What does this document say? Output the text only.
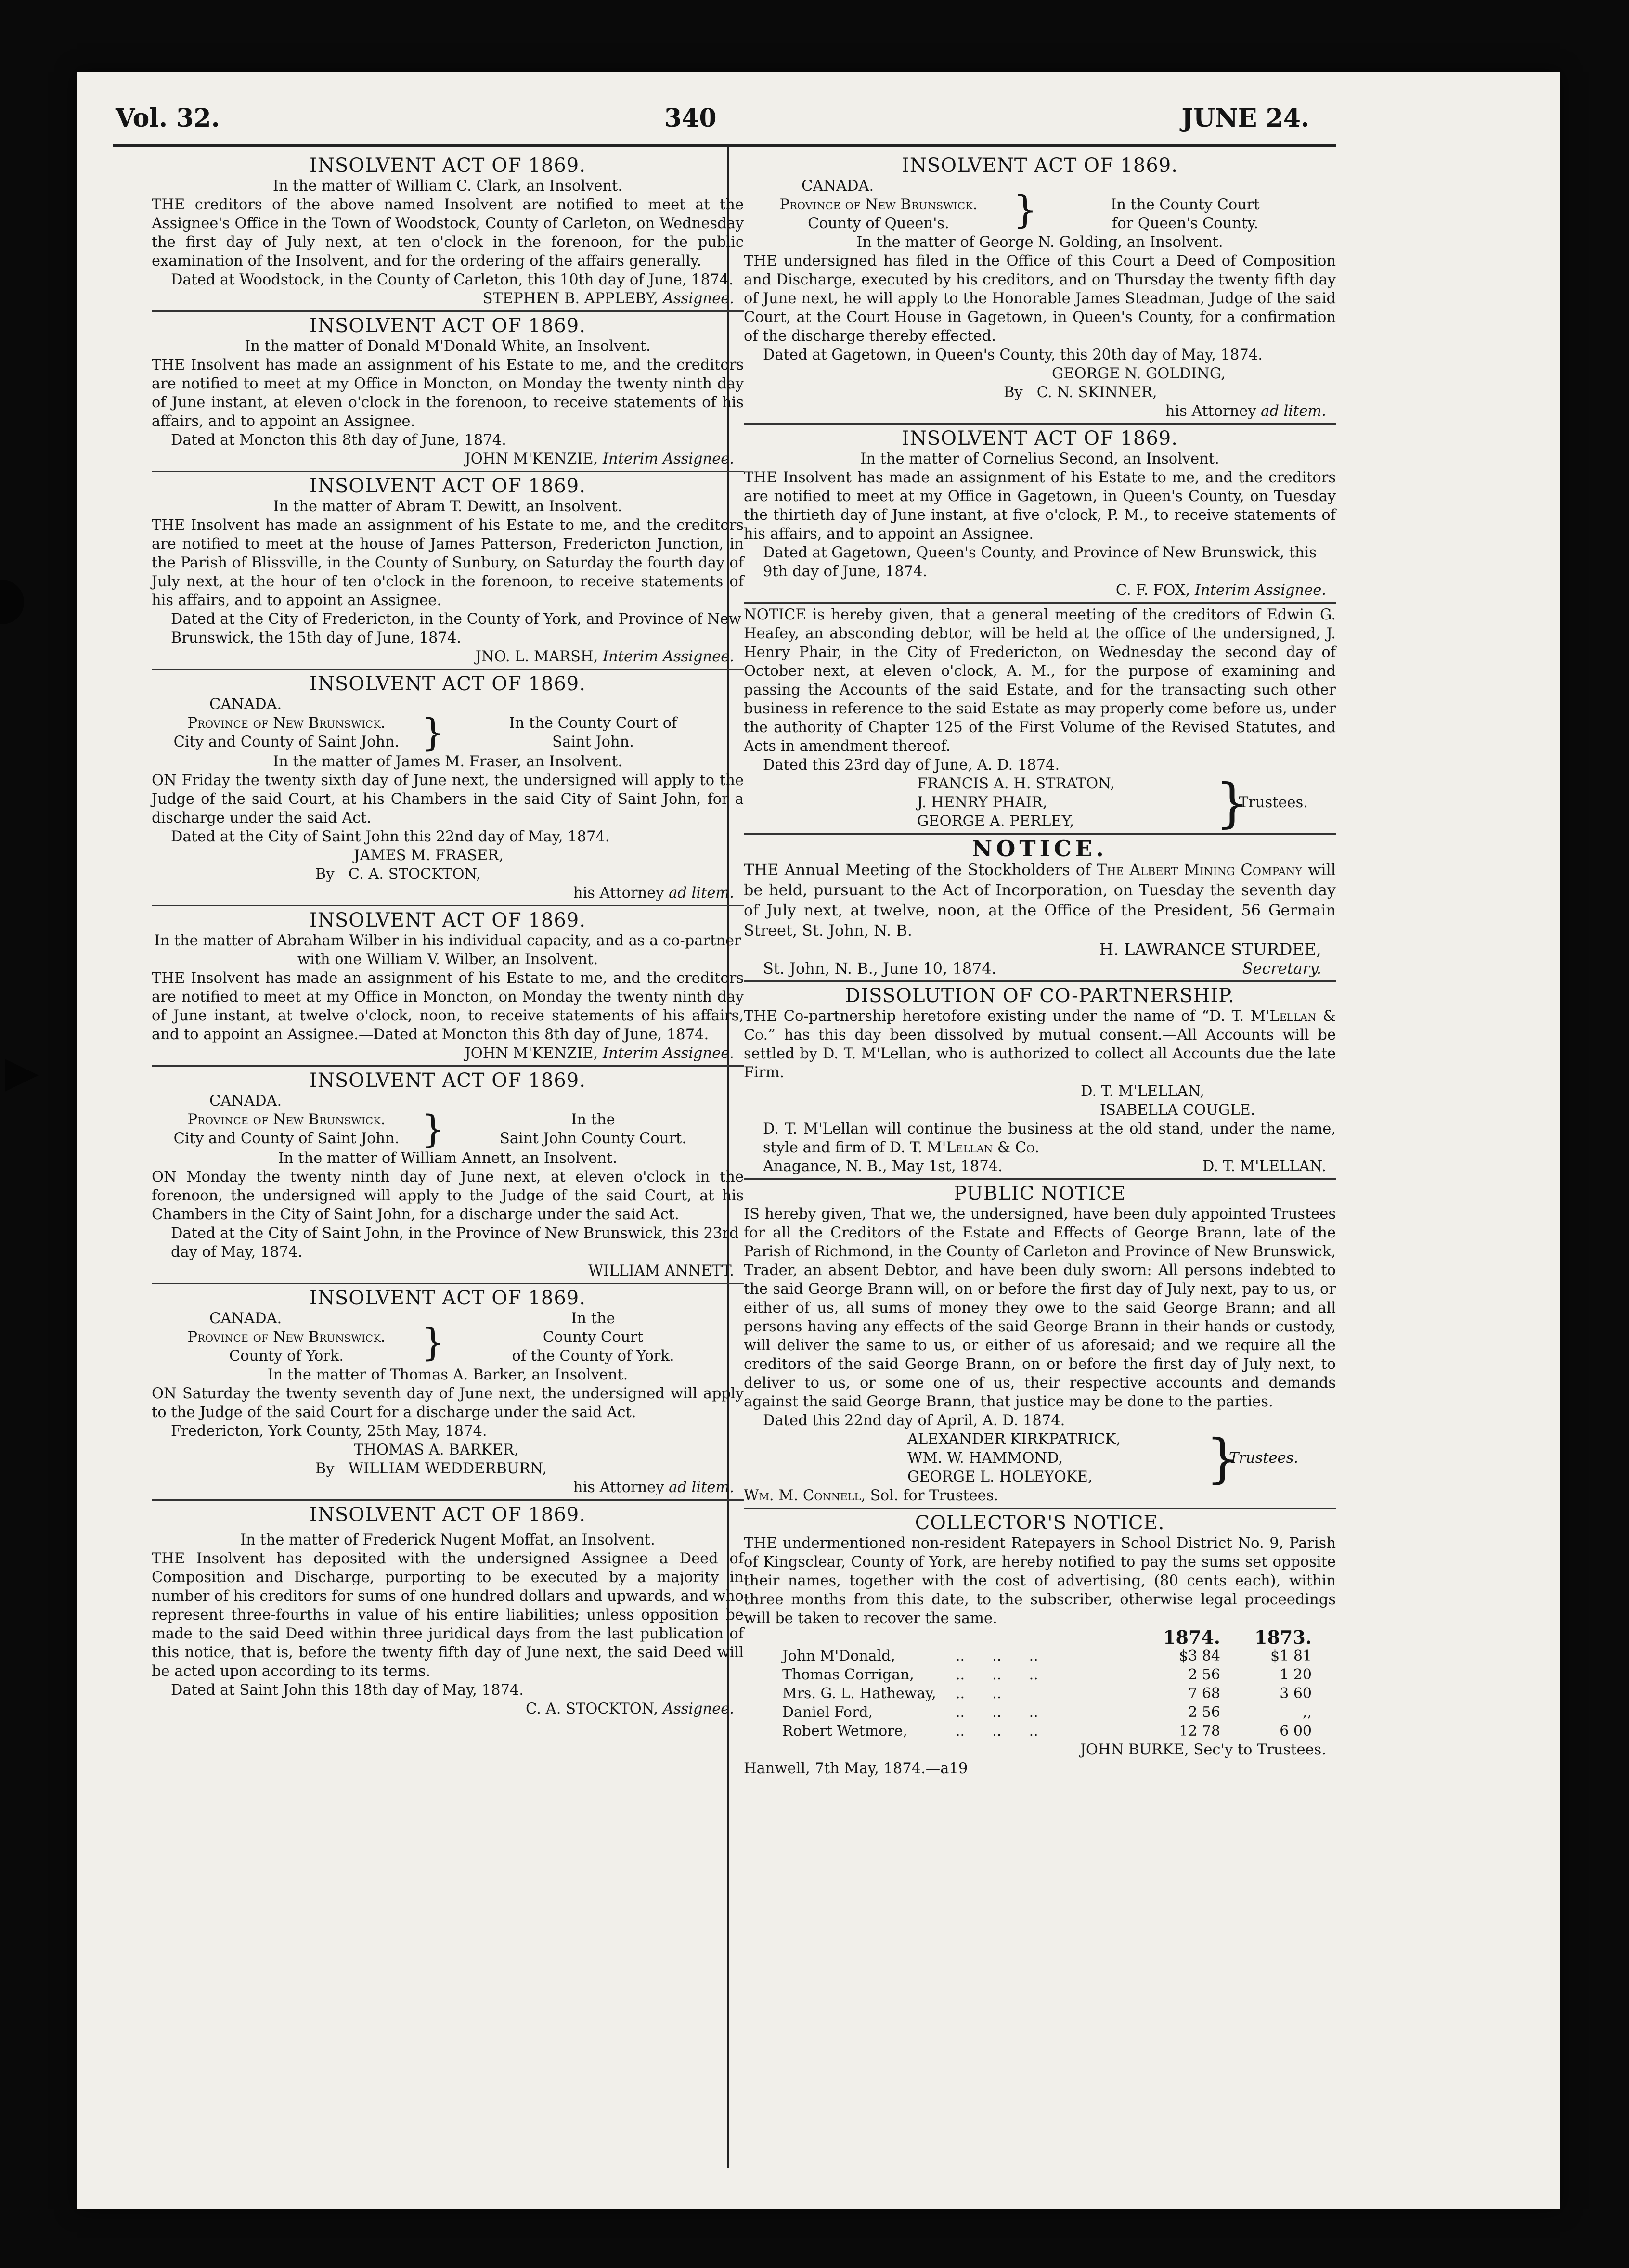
Vol. 32.	340	JUNE 24.
INSOLVENT ACT OF 1869.
In the matter of William C. Clark, an Insolvent.
THE creditors of the above named Insolvent are notified to meet at the Assignee's Office in the Town of Woodstock, County of Carleton, on Wednesday the first day of July next, at ten o'clock in the forenoon, for the public examination of the Insolvent, and for the ordering of the affairs generally.
Dated at Woodstock, in the County of Carleton, this 10th day of June, 1874.
STEPHEN B. APPLEBY, Assignee.
INSOLVENT ACT OF 1869.
In the matter of Donald M'Donald White, an Insolvent.
THE Insolvent has made an assignment of his Estate to me, and the creditors are notified to meet at my Office in Moncton, on Monday the twenty ninth day of June instant, at eleven o'clock in the forenoon, to receive statements of his affairs, and to appoint an Assignee.
Dated at Moncton this 8th day of June, 1874.
JOHN M'KENZIE, Interim Assignee.
INSOLVENT ACT OF 1869.
In the matter of Abram T. Dewitt, an Insolvent.
THE Insolvent has made an assignment of his Estate to me, and the creditors are notified to meet at the house of James Patterson, Fredericton Junction, in the Parish of Blissville, in the County of Sunbury, on Saturday the fourth day of July next, at the hour of ten o'clock in the forenoon, to receive statements of his affairs, and to appoint an Assignee.
Dated at the City of Fredericton, in the County of York, and Province of New Brunswick, the 15th day of June, 1874.
JNO. L. MARSH, Interim Assignee.
INSOLVENT ACT OF 1869.
CANADA.
Province of New Brunswick.
City and County of Saint John. }	In the County Court of
Saint John.
In the matter of James M. Fraser, an Insolvent.
ON Friday the twenty sixth day of June next, the undersigned will apply to the Judge of the said Court, at his Chambers in the said City of Saint John, for a discharge under the said Act.
Dated at the City of Saint John this 22nd day of May, 1874.
JAMES M. FRASER,
By C. A. STOCKTON,
his Attorney ad litem.
INSOLVENT ACT OF 1869.
In the matter of Abraham Wilber in his individual capacity, and as a co-partner with one William V. Wilber, an Insolvent.
THE Insolvent has made an assignment of his Estate to me, and the creditors are notified to meet at my Office in Moncton, on Monday the twenty ninth day of June instant, at twelve o'clock, noon, to receive statements of his affairs, and to appoint an Assignee.—Dated at Moncton this 8th day of June, 1874.
JOHN M'KENZIE, Interim Assignee.
INSOLVENT ACT OF 1869.
CANADA.
Province of New Brunswick.
City and County of Saint John. }	In the
Saint John County Court.
In the matter of William Annett, an Insolvent.
ON Monday the twenty ninth day of June next, at eleven o'clock in the forenoon, the undersigned will apply to the Judge of the said Court, at his Chambers in the City of Saint John, for a discharge under the said Act.
Dated at the City of Saint John, in the Province of New Brunswick, this 23rd day of May, 1874.
WILLIAM ANNETT.
INSOLVENT ACT OF 1869.
CANADA.
Province of New Brunswick.
County of York.	}
In the
County Court
of the County of York.
In the matter of Thomas A. Barker, an Insolvent.
ON Saturday the twenty seventh day of June next, the undersigned will apply to the Judge of the said Court for a discharge under the said Act.
Fredericton, York County, 25th May, 1874.
THOMAS A. BARKER,
By WILLIAM WEDDERBURN,
his Attorney ad litem.
INSOLVENT ACT OF 1869.
In the matter of Frederick Nugent Moffat, an Insolvent.
THE Insolvent has deposited with the undersigned Assignee a Deed of Composition and Discharge, purporting to be executed by a majority in number of his creditors for sums of one hundred dollars and upwards, and who represent three-fourths in value of his entire liabilities; unless opposition be made to the said Deed within three juridical days from the last publication of this notice, that is, before the twenty fifth day of June next, the said Deed will be acted upon according to its terms.
Dated at Saint John this 18th day of May, 1874.
C. A. STOCKTON, Assignee.
INSOLVENT ACT OF 1869.
CANADA.
Province of New Brunswick.
County of Queen's.	}	In the County Court
for Queen's County.
In the matter of George N. Golding, an Insolvent.
THE undersigned has filed in the Office of this Court a Deed of Composition and Discharge, executed by his creditors, and on Thursday the twenty fifth day of June next, he will apply to the Honorable James Steadman, Judge of the said Court, at the Court House in Gagetown, in Queen's County, for a confirmation of the discharge thereby effected.
Dated at Gagetown, in Queen's County, this 20th day of May, 1874.
GEORGE N. GOLDING,
By C. N. SKINNER,
his Attorney ad litem.
INSOLVENT ACT OF 1869.
In the matter of Cornelius Second, an Insolvent.
THE Insolvent has made an assignment of his Estate to me, and the creditors are notified to meet at my Office in Gagetown, in Queen's County, on Tuesday the thirtieth day of June instant, at five o'clock, P. M., to receive statements of his affairs, and to appoint an Assignee.
Dated at Gagetown, Queen's County, and Province of New Brunswick, this 9th day of June, 1874.
C. F. FOX, Interim Assignee.
NOTICE is hereby given, that a general meeting of the creditors of Edwin G. Heafey, an absconding debtor, will be held at the office of the undersigned, J. Henry Phair, in the City of Fredericton, on Wednesday the second day of October next, at eleven o'clock, A. M., for the purpose of examining and passing the Accounts of the said Estate, and for the transacting such other business in reference to the said Estate as may properly come before us, under the authority of Chapter 125 of the First Volume of the Revised Statutes, and Acts in amendment thereof.
Dated this 23rd day of June, A. D. 1874.
FRANCIS A. H. STRATON,
J. HENRY PHAIR,
GEORGE A. PERLEY,	}
Trustees.
NOTICE.
THE Annual Meeting of the Stockholders of The Albert Mining Company will be held, pursuant to the Act of Incorporation, on Tuesday the seventh day of July next, at twelve, noon, at the Office of the President, 56 Germain Street, St. John, N. B.
H. LAWRANCE STURDEE,
St. John, N. B., June 10, 1874.	Secretary.
DISSOLUTION OF CO-PARTNERSHIP.
THE Co-partnership heretofore existing under the name of “D. T. M'Lellan & Co.” has this day been dissolved by mutual consent.—All Accounts will be settled by D. T. M'Lellan, who is authorized to collect all Accounts due the late Firm.
D. T. M'LELLAN,
ISABELLA COUGLE.
D. T. M'Lellan will continue the business at the old stand, under the name, style and firm of D. T. M'Lellan & Co.
Anagance, N. B., May 1st, 1874.	D. T. M'LELLAN.
PUBLIC NOTICE
IS hereby given, That we, the undersigned, have been duly appointed Trustees for all the Creditors of the Estate and Effects of George Brann, late of the Parish of Richmond, in the County of Carleton and Province of New Brunswick, Trader, an absent Debtor, and have been duly sworn: All persons indebted to the said George Brann will, on or before the first day of July next, pay to us, or either of us, all sums of money they owe to the said George Brann; and all persons having any effects of the said George Brann in their hands or custody, will deliver the same to us, or either of us aforesaid; and we require all the creditors of the said George Brann, on or before the first day of July next, to deliver to us, or some one of us, their respective accounts and demands against the said George Brann, that justice may be done to the parties.
Dated this 22nd day of April, A. D. 1874.
ALEXANDER KIRKPATRICK,
WM. W. HAMMOND,
GEORGE L. HOLEYOKE,	}
Trustees.
Wm. M. Connell, Sol. for Trustees.
COLLECTOR'S NOTICE.
THE undermentioned non-resident Ratepayers in School District No. 9, Parish of Kingsclear, County of York, are hereby notified to pay the sums set opposite their names, together with the cost of advertising, (80 cents each), within three months from this date, to the subscriber, otherwise legal proceedings will be taken to recover the same.
		1874.	1873.
John M'Donald,	..      ..      ..	$3 84	$1 81
Thomas Corrigan,	..      ..      ..	2 56	1 20
Mrs. G. L. Hatheway,	..      ..	7 68	3 60
Daniel Ford,	..      ..      ..	2 56	,,
Robert Wetmore,	..      ..      ..	12 78	6 00
JOHN BURKE, Sec'y to Trustees.
Hanwell, 7th May, 1874.—a19
